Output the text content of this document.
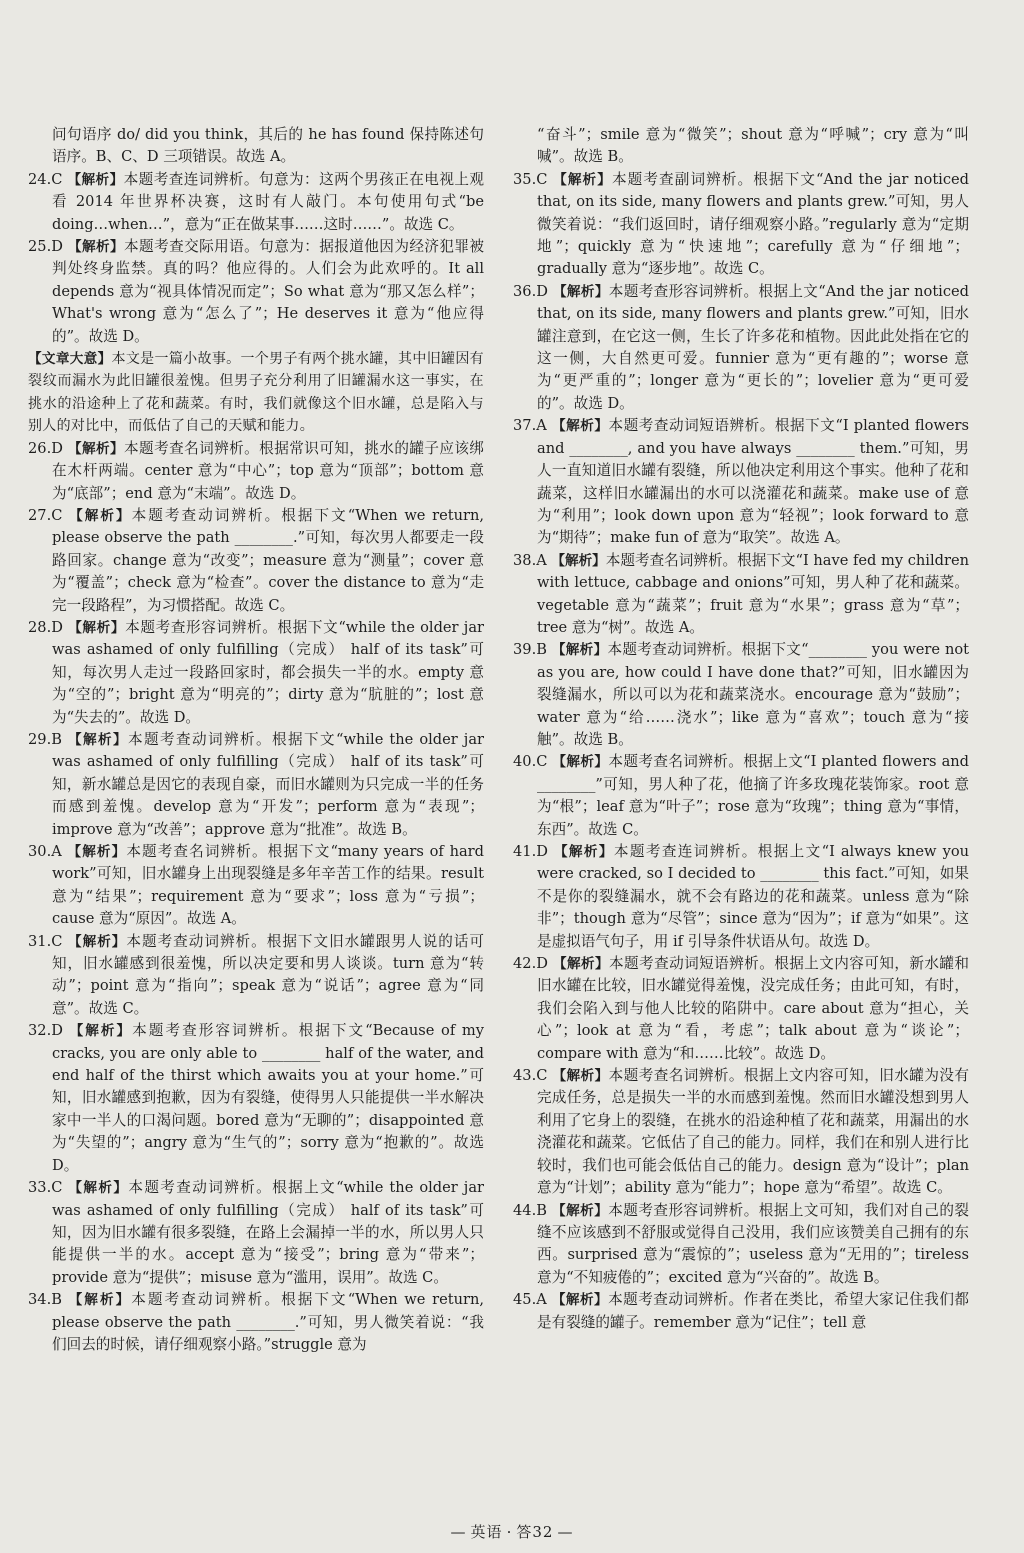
问句语序 do/ did you think，其后的 he has found 保持陈述句语序。B、C、D 三项错误。故选 A。

24.C 【解析】本题考查连词辨析。句意为：这两个男孩正在电视上观看 2014 年世界杯决赛，这时有人敲门。本句使用句式“be doing…when…”，意为“正在做某事……这时……”。故选 C。

25.D 【解析】本题考查交际用语。句意为：据报道他因为经济犯罪被判处终身监禁。真的吗？他应得的。人们会为此欢呼的。It all depends 意为“视具体情况而定”；So what 意为“那又怎么样”；What's wrong 意为“怎么了”；He deserves it 意为“他应得的”。故选 D。

【文章大意】本文是一篇小故事。一个男子有两个挑水罐，其中旧罐因有裂纹而漏水为此旧罐很羞愧。但男子充分利用了旧罐漏水这一事实，在挑水的沿途种上了花和蔬菜。有时，我们就像这个旧水罐，总是陷入与别人的对比中，而低估了自己的天赋和能力。

26.D 【解析】本题考查名词辨析。根据常识可知，挑水的罐子应该绑在木杆两端。center 意为“中心”；top 意为“顶部”；bottom 意为“底部”；end 意为“末端”。故选 D。

27.C 【解析】本题考查动词辨析。根据下文“When we return, please observe the path ________.”可知，每次男人都要走一段路回家。change 意为“改变”；measure 意为“测量”；cover 意为“覆盖”；check 意为“检查”。cover the distance to 意为“走完一段路程”，为习惯搭配。故选 C。

28.D 【解析】本题考查形容词辨析。根据下文“while the older jar was ashamed of only fulfilling（完成） half of its task”可知，每次男人走过一段路回家时，都会损失一半的水。empty 意为“空的”；bright 意为“明亮的”；dirty 意为“肮脏的”；lost 意为“失去的”。故选 D。

29.B 【解析】本题考查动词辨析。根据下文“while the older jar was ashamed of only fulfilling（完成） half of its task”可知，新水罐总是因它的表现自豪，而旧水罐则为只完成一半的任务而感到羞愧。develop 意为“开发”；perform 意为“表现”；improve 意为“改善”；approve 意为“批准”。故选 B。

30.A 【解析】本题考查名词辨析。根据下文“many years of hard work”可知，旧水罐身上出现裂缝是多年辛苦工作的结果。result 意为“结果”；requirement 意为“要求”；loss 意为“亏损”；cause 意为“原因”。故选 A。

31.C 【解析】本题考查动词辨析。根据下文旧水罐跟男人说的话可知，旧水罐感到很羞愧，所以决定要和男人谈谈。turn 意为“转动”；point 意为“指向”；speak 意为“说话”；agree 意为“同意”。故选 C。

32.D 【解析】本题考查形容词辨析。根据下文“Because of my cracks, you are only able to ________ half of the water, and end half of the thirst which awaits you at your home.”可知，旧水罐感到抱歉，因为有裂缝，使得男人只能提供一半水解决家中一半人的口渴问题。bored 意为“无聊的”；disappointed 意为“失望的”；angry 意为“生气的”；sorry 意为“抱歉的”。故选 D。

33.C 【解析】本题考查动词辨析。根据上文“while the older jar was ashamed of only fulfilling（完成） half of its task”可知，因为旧水罐有很多裂缝，在路上会漏掉一半的水，所以男人只能提供一半的水。accept 意为“接受”；bring 意为“带来”；provide 意为“提供”；misuse 意为“滥用，误用”。故选 C。

34.B 【解析】本题考查动词辨析。根据下文“When we return, please observe the path ________.”可知，男人微笑着说：“我们回去的时候，请仔细观察小路。”struggle 意为

“奋斗”；smile 意为“微笑”；shout 意为“呼喊”；cry 意为“叫喊”。故选 B。

35.C 【解析】本题考查副词辨析。根据下文“And the jar noticed that, on its side, many flowers and plants grew.”可知，男人微笑着说：“我们返回时，请仔细观察小路。”regularly 意为“定期地”；quickly 意为“快速地”；carefully 意为“仔细地”；gradually 意为“逐步地”。故选 C。

36.D 【解析】本题考查形容词辨析。根据上文“And the jar noticed that, on its side, many flowers and plants grew.”可知，旧水罐注意到，在它这一侧，生长了许多花和植物。因此此处指在它的这一侧，大自然更可爱。funnier 意为“更有趣的”；worse 意为“更严重的”；longer 意为“更长的”；lovelier 意为“更可爱的”。故选 D。

37.A 【解析】本题考查动词短语辨析。根据下文“I planted flowers and ________, and you have always ________ them.”可知，男人一直知道旧水罐有裂缝，所以他决定利用这个事实。他种了花和蔬菜，这样旧水罐漏出的水可以浇灌花和蔬菜。make use of 意为“利用”；look down upon 意为“轻视”；look forward to 意为“期待”；make fun of 意为“取笑”。故选 A。

38.A 【解析】本题考查名词辨析。根据下文“I have fed my children with lettuce, cabbage and onions”可知，男人种了花和蔬菜。vegetable 意为“蔬菜”；fruit 意为“水果”；grass 意为“草”；tree 意为“树”。故选 A。

39.B 【解析】本题考查动词辨析。根据下文“________ you were not as you are, how could I have done that?”可知，旧水罐因为裂缝漏水，所以可以为花和蔬菜浇水。encourage 意为“鼓励”；water 意为“给……浇水”；like 意为“喜欢”；touch 意为“接触”。故选 B。

40.C 【解析】本题考查名词辨析。根据上文“I planted flowers and ________”可知，男人种了花，他摘了许多玫瑰花装饰家。root 意为“根”；leaf 意为“叶子”；rose 意为“玫瑰”；thing 意为“事情，东西”。故选 C。

41.D 【解析】本题考查连词辨析。根据上文“I always knew you were cracked, so I decided to ________ this fact.”可知，如果不是你的裂缝漏水，就不会有路边的花和蔬菜。unless 意为“除非”；though 意为“尽管”；since 意为“因为”；if 意为“如果”。这是虚拟语气句子，用 if 引导条件状语从句。故选 D。

42.D 【解析】本题考查动词短语辨析。根据上文内容可知，新水罐和旧水罐在比较，旧水罐觉得羞愧，没完成任务；由此可知，有时，我们会陷入到与他人比较的陷阱中。care about 意为“担心，关心”；look at 意为“看，考虑”；talk about 意为“谈论”；compare with 意为“和……比较”。故选 D。

43.C 【解析】本题考查名词辨析。根据上文内容可知，旧水罐为没有完成任务，总是损失一半的水而感到羞愧。然而旧水罐没想到男人利用了它身上的裂缝，在挑水的沿途种植了花和蔬菜，用漏出的水浇灌花和蔬菜。它低估了自己的能力。同样，我们在和别人进行比较时，我们也可能会低估自己的能力。design 意为“设计”；plan 意为“计划”；ability 意为“能力”；hope 意为“希望”。故选 C。

44.B 【解析】本题考查形容词辨析。根据上文可知，我们对自己的裂缝不应该感到不舒服或觉得自己没用，我们应该赞美自己拥有的东西。surprised 意为“震惊的”；useless 意为“无用的”；tireless 意为“不知疲倦的”；excited 意为“兴奋的”。故选 B。

45.A 【解析】本题考查动词辨析。作者在类比，希望大家记住我们都是有裂缝的罐子。remember 意为“记住”；tell 意

— 英语 · 答32 —
